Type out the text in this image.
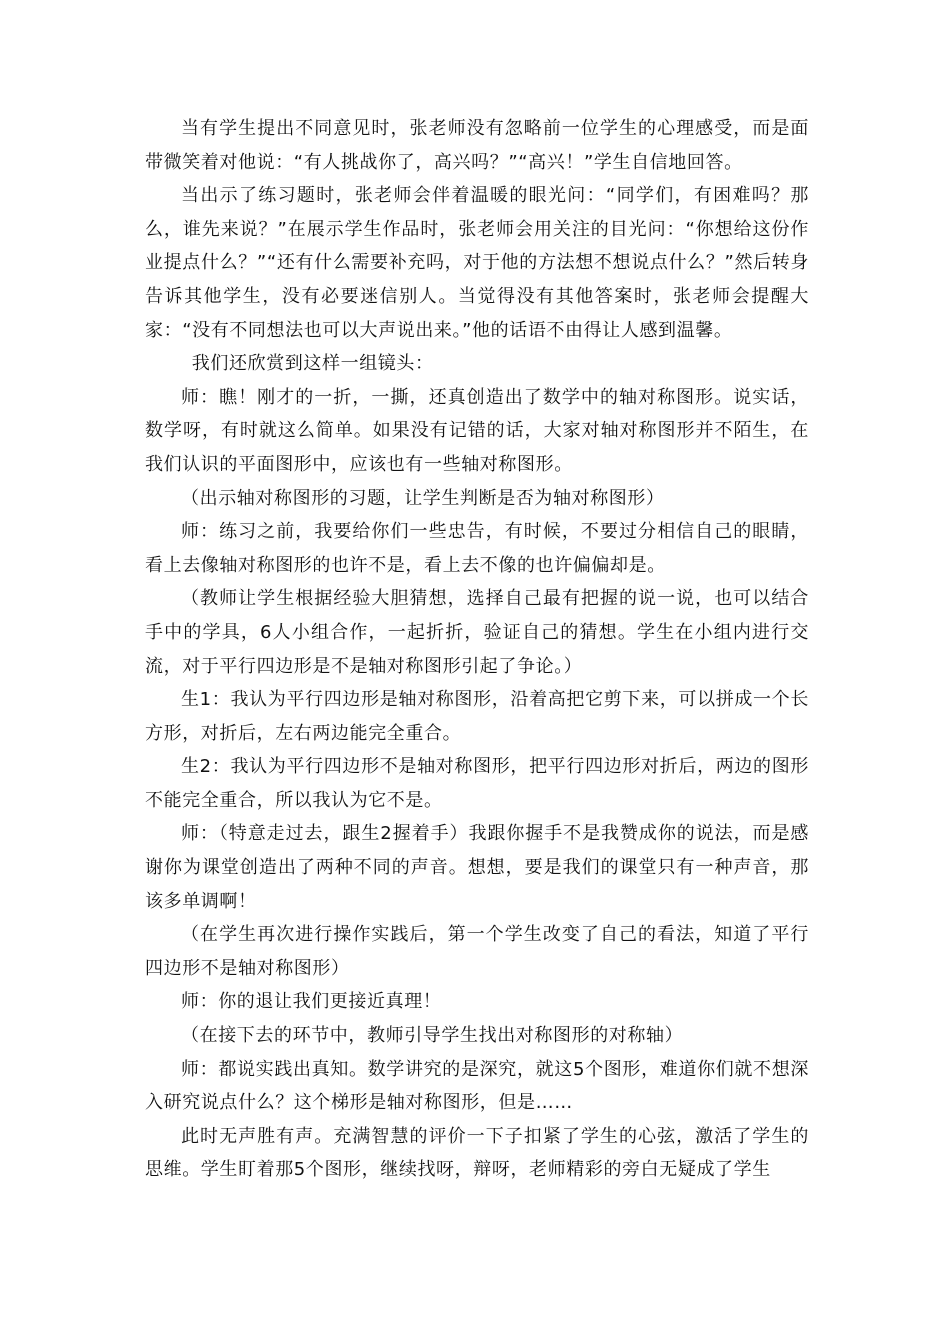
当有学生提出不同意见时，张老师没有忽略前一位学生的心理感受，而是面带微笑着对他说：“有人挑战你了，高兴吗？”“高兴！”学生自信地回答。

当出示了练习题时，张老师会伴着温暖的眼光问：“同学们，有困难吗？那么，谁先来说？”在展示学生作品时，张老师会用关注的目光问：“你想给这份作业提点什么？”“还有什么需要补充吗，对于他的方法想不想说点什么？”然后转身告诉其他学生，没有必要迷信别人。当觉得没有其他答案时，张老师会提醒大家：“没有不同想法也可以大声说出来。”他的话语不由得让人感到温馨。

我们还欣赏到这样一组镜头：

师：瞧！刚才的一折，一撕，还真创造出了数学中的轴对称图形。说实话，数学呀，有时就这么简单。如果没有记错的话，大家对轴对称图形并不陌生，在我们认识的平面图形中，应该也有一些轴对称图形。

（出示轴对称图形的习题，让学生判断是否为轴对称图形）

师：练习之前，我要给你们一些忠告，有时候，不要过分相信自己的眼睛，看上去像轴对称图形的也许不是，看上去不像的也许偏偏却是。

（教师让学生根据经验大胆猜想，选择自己最有把握的说一说，也可以结合手中的学具，6人小组合作，一起折折，验证自己的猜想。学生在小组内进行交流，对于平行四边形是不是轴对称图形引起了争论。）

生1：我认为平行四边形是轴对称图形，沿着高把它剪下来，可以拼成一个长方形，对折后，左右两边能完全重合。

生2：我认为平行四边形不是轴对称图形，把平行四边形对折后，两边的图形不能完全重合，所以我认为它不是。

师：（特意走过去，跟生2握着手）我跟你握手不是我赞成你的说法，而是感谢你为课堂创造出了两种不同的声音。想想，要是我们的课堂只有一种声音，那该多单调啊！

（在学生再次进行操作实践后，第一个学生改变了自己的看法，知道了平行四边形不是轴对称图形）

师：你的退让我们更接近真理！

（在接下去的环节中，教师引导学生找出对称图形的对称轴）

师：都说实践出真知。数学讲究的是深究，就这5个图形，难道你们就不想深入研究说点什么？这个梯形是轴对称图形，但是……

此时无声胜有声。充满智慧的评价一下子扣紧了学生的心弦，激活了学生的思维。学生盯着那5个图形，继续找呀，辩呀，老师精彩的旁白无疑成了学生
